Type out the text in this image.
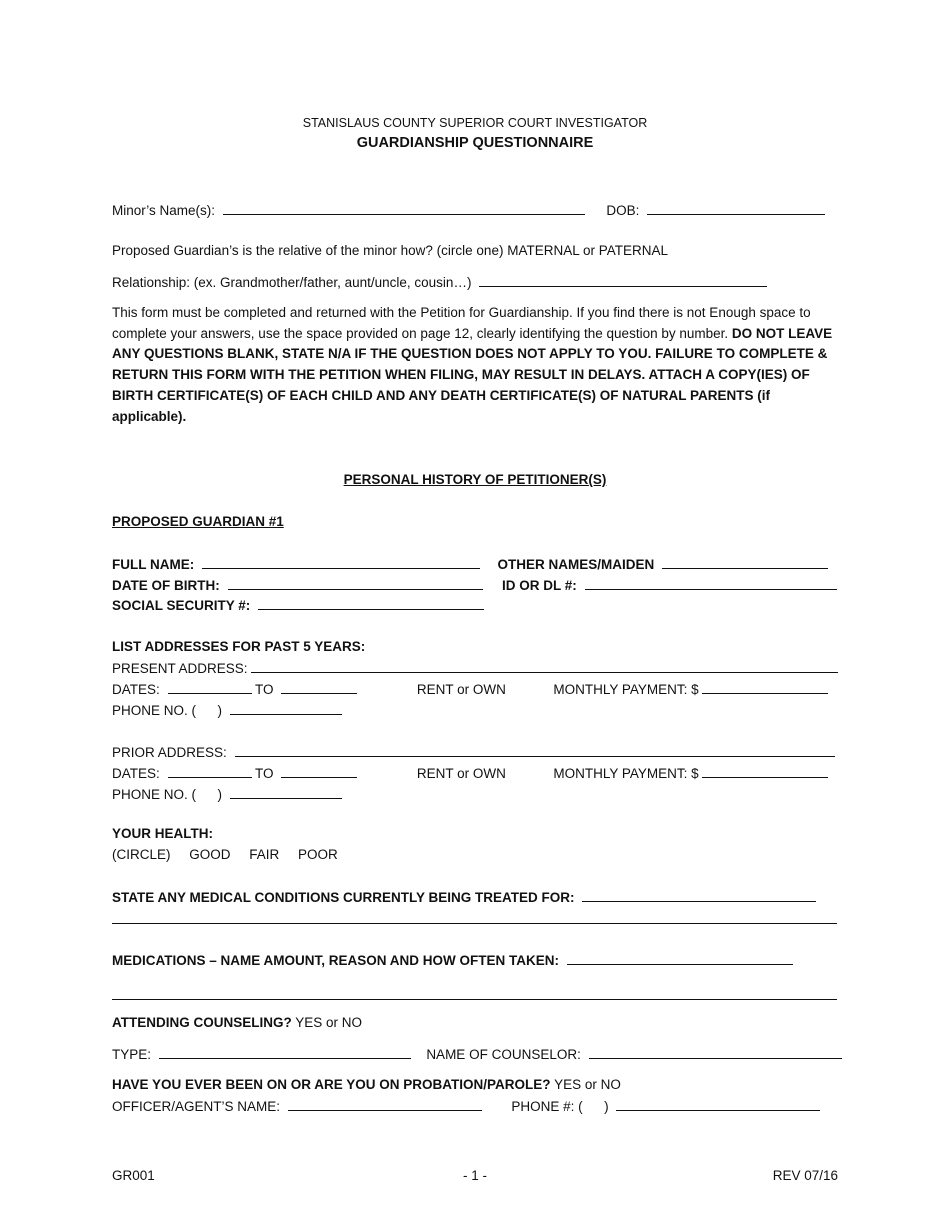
STANISLAUS COUNTY SUPERIOR COURT INVESTIGATOR
GUARDIANSHIP QUESTIONNAIRE
Minor’s Name(s):	DOB:
Proposed Guardian’s is the relative of the minor how? (circle one) MATERNAL or PATERNAL
Relationship: (ex. Grandmother/father, aunt/uncle, cousin…)
This form must be completed and returned with the Petition for Guardianship. If you find there is not Enough space to complete your answers, use the space provided on page 12, clearly identifying the question by number. DO NOT LEAVE ANY QUESTIONS BLANK, STATE N/A IF THE QUESTION DOES NOT APPLY TO YOU. FAILURE TO COMPLETE & RETURN THIS FORM WITH THE PETITION WHEN FILING, MAY RESULT IN DELAYS. ATTACH A COPY(IES) OF BIRTH CERTIFICATE(S) OF EACH CHILD AND ANY DEATH CERTIFICATE(S) OF NATURAL PARENTS (if applicable).
PERSONAL HISTORY OF PETITIONER(S)
PROPOSED GUARDIAN #1
FULL NAME:	OTHER NAMES/MAIDEN
DATE OF BIRTH:	ID OR DL #:
SOCIAL SECURITY #:
LIST ADDRESSES FOR PAST 5 YEARS:
PRESENT ADDRESS:
DATES:	TO	RENT or OWN	MONTHLY PAYMENT: $
PHONE NO. ( )
PRIOR ADDRESS:
DATES:	TO	RENT or OWN	MONTHLY PAYMENT: $
PHONE NO. ( )
YOUR HEALTH:
(CIRCLE)     GOOD     FAIR     POOR
STATE ANY MEDICAL CONDITIONS CURRENTLY BEING TREATED FOR:
MEDICATIONS – NAME AMOUNT, REASON AND HOW OFTEN TAKEN:
ATTENDING COUNSELING? YES or NO
TYPE:	NAME OF COUNSELOR:
HAVE YOU EVER BEEN ON OR ARE YOU ON PROBATION/PAROLE? YES or NO
OFFICER/AGENT’S NAME:	PHONE #: ( )
GR001	- 1 -	REV 07/16
